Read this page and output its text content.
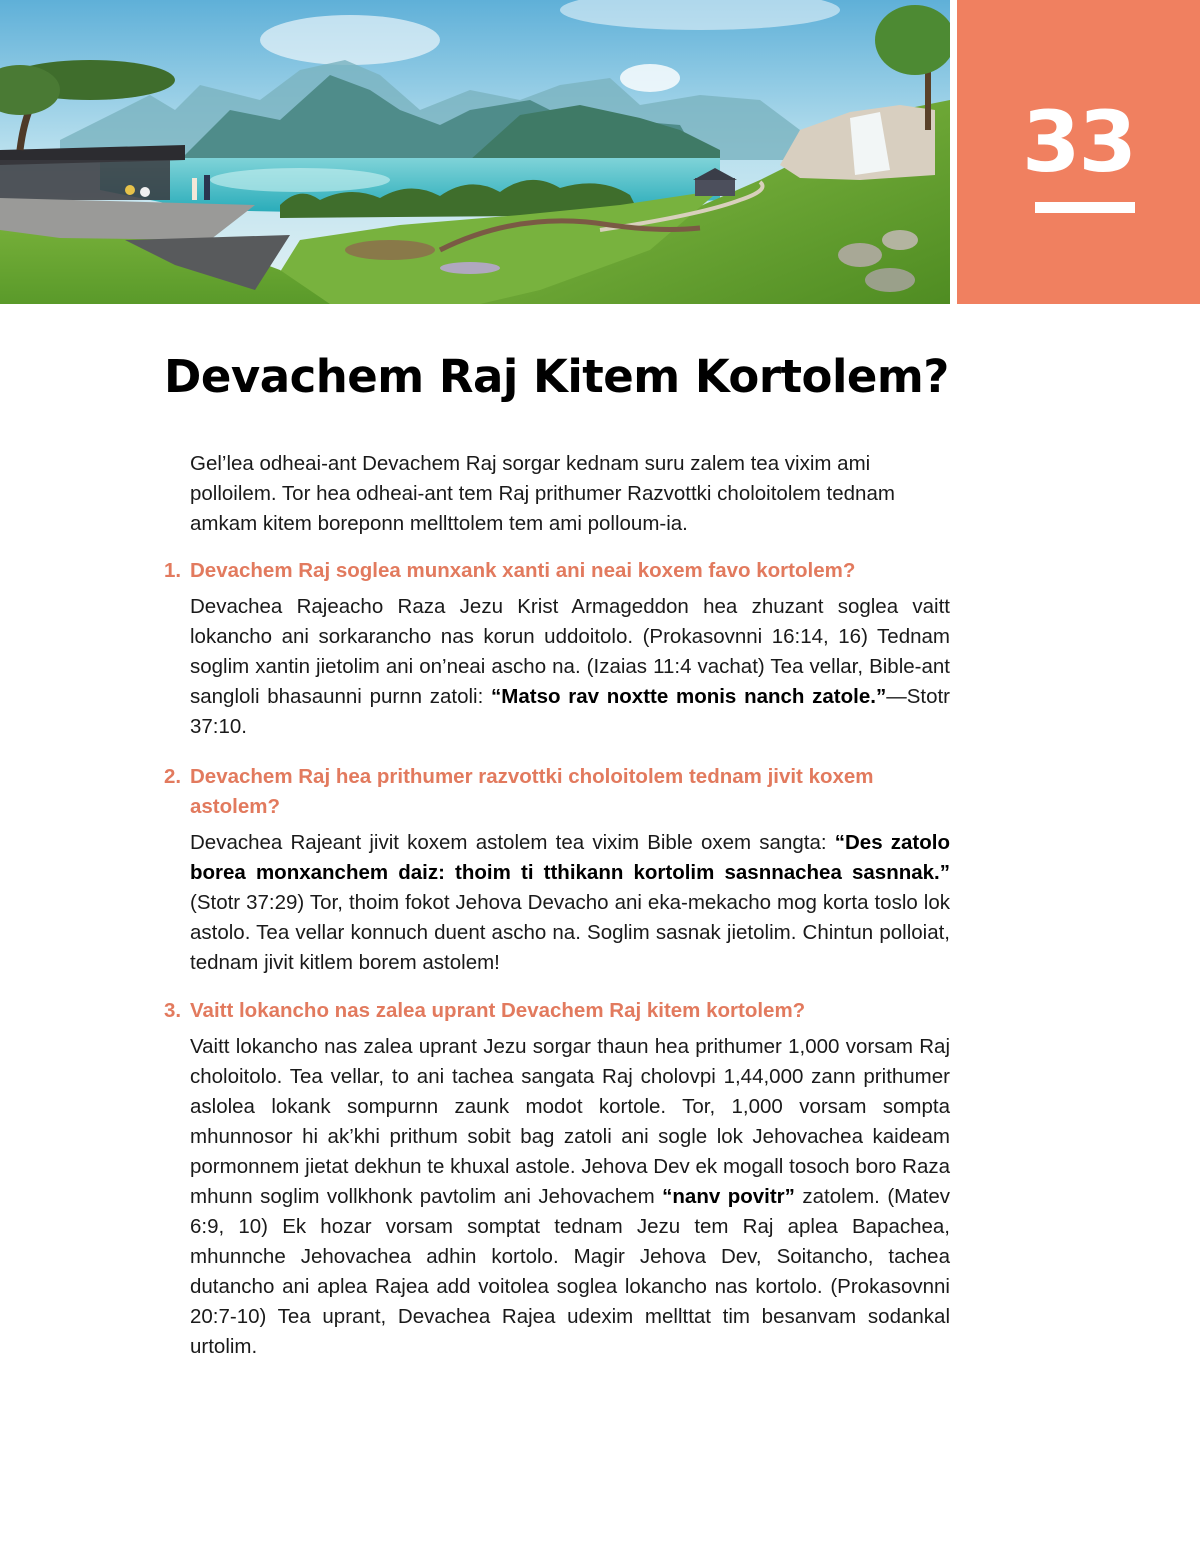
33
Devachem Raj Kitem Kortolem?

Gel’lea odheai-ant Devachem Raj sorgar kednam suru zalem tea vixim ami polloilem. Tor hea odheai-ant tem Raj prithumer Razvottki choloitolem tednam amkam kitem boreponn mellttolem tem ami polloum-ia.

1. Devachem Raj soglea munxank xanti ani neai koxem favo kortolem?

Devachea Rajeacho Raza Jezu Krist Armageddon hea zhuzant soglea vaitt lokancho ani sorkarancho nas korun uddoitolo. (Prokasovnni 16:14, 16) Tednam soglim xantin jietolim ani on’neai ascho na. (Izaias 11:4 vachat) Tea vellar, Bible-ant sangloli bhasaunni purnn zatoli: “Matso rav noxtte monis nanch zatole.”—Stotr 37:10.

2. Devachem Raj hea prithumer razvottki choloitolem tednam jivit koxem
astolem?

Devachea Rajeant jivit koxem astolem tea vixim Bible oxem sangta: “Des zatolo borea monxanchem daiz: thoim ti tthikann kortolim sasnnachea sasnnak.” (Stotr 37:29) Tor, thoim fokot Jehova Devacho ani eka-mekacho mog korta toslo lok astolo. Tea vellar konnuch duent ascho na. Soglim sasnak jietolim. Chintun polloiat, tednam jivit kitlem borem astolem!

3. Vaitt lokancho nas zalea uprant Devachem Raj kitem kortolem?

Vaitt lokancho nas zalea uprant Jezu sorgar thaun hea prithumer 1,000 vorsam Raj choloitolo. Tea vellar, to ani tachea sangata Raj cholovpi 1,44,000 zann prithumer aslolea lokank sompurnn zaunk modot kortole. Tor, 1,000 vorsam sompta mhunnosor hi ak’khi prithum sobit bag zatoli ani sogle lok Jehovachea kaideam pormonnem jietat dekhun te khuxal astole. Jehova Dev ek mogall tosoch boro Raza mhunn soglim vollkhonk pavtolim ani Jehovachem “nanv povitr” zatolem. (Matev 6:9, 10) Ek hozar vorsam somptat tednam Jezu tem Raj aplea Bapachea, mhunnche Jehovachea adhin kortolo. Magir Jehova Dev, Soitancho, tachea dutancho ani aplea Rajea add voitolea soglea lokancho nas kortolo. (Prokasovnni 20:7-10) Tea uprant, Devachea Rajea udexim mellttat tim besanvam sodankal urtolim.
